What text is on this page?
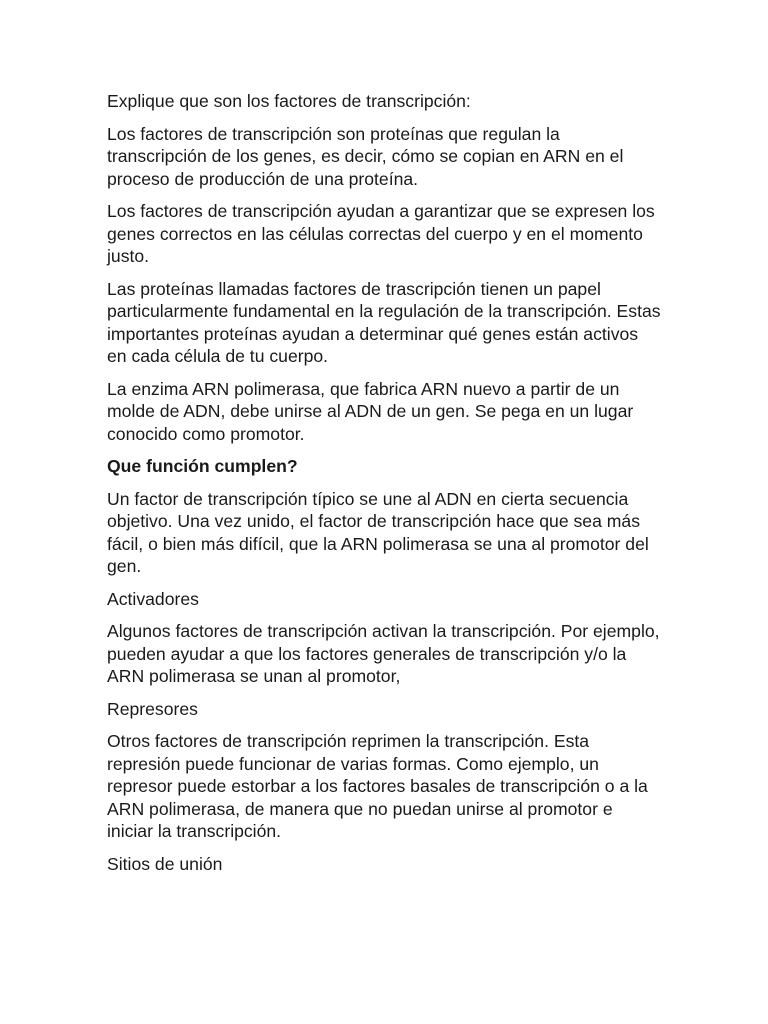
Explique que son los factores de transcripción:

Los factores de transcripción son proteínas que regulan la
transcripción de los genes, es decir, cómo se copian en ARN en el
proceso de producción de una proteína.

Los factores de transcripción ayudan a garantizar que se expresen los
genes correctos en las células correctas del cuerpo y en el momento
justo.

Las proteínas llamadas factores de trascripción tienen un papel
particularmente fundamental en la regulación de la transcripción. Estas
importantes proteínas ayudan a determinar qué genes están activos
en cada célula de tu cuerpo.

La enzima ARN polimerasa, que fabrica ARN nuevo a partir de un
molde de ADN, debe unirse al ADN de un gen. Se pega en un lugar
conocido como promotor.

Que función cumplen?

Un factor de transcripción típico se une al ADN en cierta secuencia
objetivo. Una vez unido, el factor de transcripción hace que sea más
fácil, o bien más difícil, que la ARN polimerasa se una al promotor del
gen.

Activadores

Algunos factores de transcripción activan la transcripción. Por ejemplo,
pueden ayudar a que los factores generales de transcripción y/o la
ARN polimerasa se unan al promotor,

Represores

Otros factores de transcripción reprimen la transcripción. Esta
represión puede funcionar de varias formas. Como ejemplo, un
represor puede estorbar a los factores basales de transcripción o a la
ARN polimerasa, de manera que no puedan unirse al promotor e
iniciar la transcripción.

Sitios de unión
